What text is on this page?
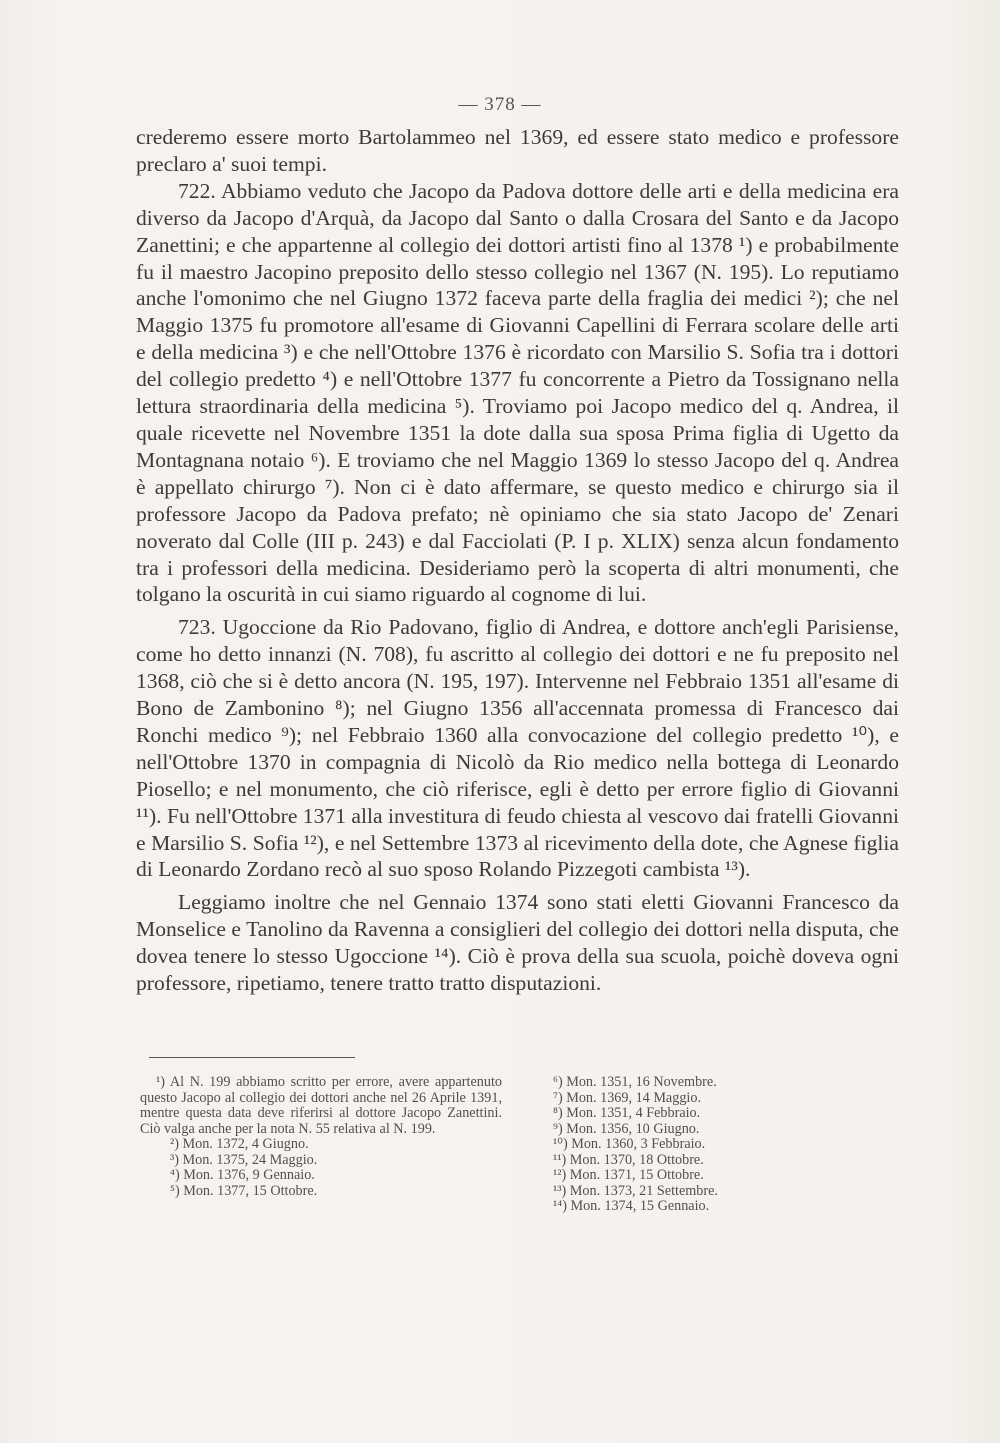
— 378 —

crederemo essere morto Bartolammeo nel 1369, ed essere stato medico e professore preclaro a' suoi tempi.

722. Abbiamo veduto che Jacopo da Padova dottore delle arti e della medicina era diverso da Jacopo d'Arquà, da Jacopo dal Santo o dalla Crosara del Santo e da Jacopo Zanettini; e che appartenne al collegio dei dottori artisti fino al 1378 ¹) e probabilmente fu il maestro Jacopino preposito dello stesso collegio nel 1367 (N. 195). Lo reputiamo anche l'omonimo che nel Giugno 1372 faceva parte della fraglia dei medici ²); che nel Maggio 1375 fu promotore all'esame di Giovanni Capellini di Ferrara scolare delle arti e della medicina ³) e che nell'Ottobre 1376 è ricordato con Marsilio S. Sofia tra i dottori del collegio predetto ⁴) e nell'Ottobre 1377 fu concorrente a Pietro da Tossignano nella lettura straordinaria della medicina ⁵). Troviamo poi Jacopo medico del q. Andrea, il quale ricevette nel Novembre 1351 la dote dalla sua sposa Prima figlia di Ugetto da Montagnana notaio ⁶). E troviamo che nel Maggio 1369 lo stesso Jacopo del q. Andrea è appellato chirurgo ⁷). Non ci è dato affermare, se questo medico e chirurgo sia il professore Jacopo da Padova prefato; nè opiniamo che sia stato Jacopo de' Zenari noverato dal Colle (III p. 243) e dal Facciolati (P. I p. XLIX) senza alcun fondamento tra i professori della medicina. Desideriamo però la scoperta di altri monumenti, che tolgano la oscurità in cui siamo riguardo al cognome di lui.

723. Ugoccione da Rio Padovano, figlio di Andrea, e dottore anch'egli Parisiense, come ho detto innanzi (N. 708), fu ascritto al collegio dei dottori e ne fu preposito nel 1368, ciò che si è detto ancora (N. 195, 197). Intervenne nel Febbraio 1351 all'esame di Bono de Zambonino ⁸); nel Giugno 1356 all'accennata promessa di Francesco dai Ronchi medico ⁹); nel Febbraio 1360 alla convocazione del collegio predetto ¹⁰), e nell'Ottobre 1370 in compagnia di Nicolò da Rio medico nella bottega di Leonardo Piosello; e nel monumento, che ciò riferisce, egli è detto per errore figlio di Giovanni ¹¹). Fu nell'Ottobre 1371 alla investitura di feudo chiesta al vescovo dai fratelli Giovanni e Marsilio S. Sofia ¹²), e nel Settembre 1373 al ricevimento della dote, che Agnese figlia di Leonardo Zordano recò al suo sposo Rolando Pizzegoti cambista ¹³).

Leggiamo inoltre che nel Gennaio 1374 sono stati eletti Giovanni Francesco da Monselice e Tanolino da Ravenna a consiglieri del collegio dei dottori nella disputa, che dovea tenere lo stesso Ugoccione ¹⁴). Ciò è prova della sua scuola, poichè doveva ogni professore, ripetiamo, tenere tratto tratto disputazioni.

¹) Al N. 199 abbiamo scritto per errore, avere appartenuto questo Jacopo al collegio dei dottori anche nel 26 Aprile 1391, mentre questa data deve riferirsi al dottore Jacopo Zanettini. Ciò valga anche per la nota N. 55 relativa al N. 199.

²) Mon. 1372, 4 Giugno.

³) Mon. 1375, 24 Maggio.

⁴) Mon. 1376, 9 Gennaio.

⁵) Mon. 1377, 15 Ottobre.

⁶) Mon. 1351, 16 Novembre.

⁷) Mon. 1369, 14 Maggio.

⁸) Mon. 1351, 4 Febbraio.

⁹) Mon. 1356, 10 Giugno.

¹⁰) Mon. 1360, 3 Febbraio.

¹¹) Mon. 1370, 18 Ottobre.

¹²) Mon. 1371, 15 Ottobre.

¹³) Mon. 1373, 21 Settembre.

¹⁴) Mon. 1374, 15 Gennaio.
